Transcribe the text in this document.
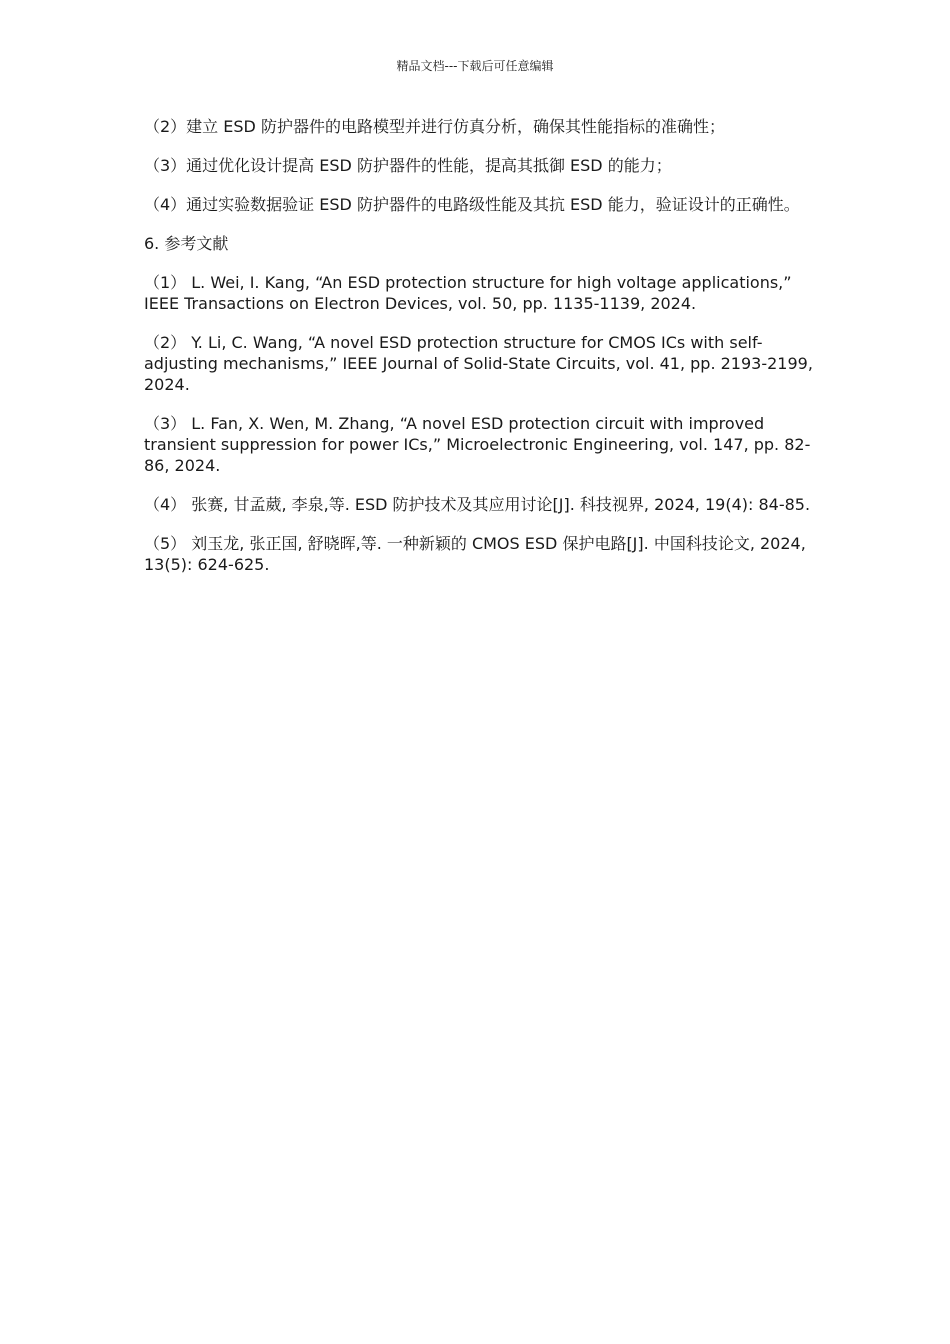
精品文档---下载后可任意编辑

（2）建立 ESD 防护器件的电路模型并进行仿真分析，确保其性能指标的准确性；

（3）通过优化设计提高 ESD 防护器件的性能，提高其抵御 ESD 的能力；

（4）通过实验数据验证 ESD 防护器件的电路级性能及其抗 ESD 能力，验证设计的正确性。

6. 参考文献

（1） L. Wei, I. Kang, “An ESD protection structure for high voltage applications,” IEEE Transactions on Electron Devices, vol. 50, pp. 1135-1139, 2024.

（2） Y. Li, C. Wang, “A novel ESD protection structure for CMOS ICs with self-adjusting mechanisms,” IEEE Journal of Solid-State Circuits, vol. 41, pp. 2193-2199, 2024.

（3） L. Fan, X. Wen, M. Zhang, “A novel ESD protection circuit with improved transient suppression for power ICs,” Microelectronic Engineering, vol. 147, pp. 82-86, 2024.

（4） 张赛, 甘孟葳, 李泉,等. ESD 防护技术及其应用讨论[J]. 科技视界, 2024, 19(4): 84-85.

（5） 刘玉龙, 张正国, 舒晓晖,等. 一种新颖的 CMOS ESD 保护电路[J]. 中国科技论文, 2024, 13(5): 624-625.
